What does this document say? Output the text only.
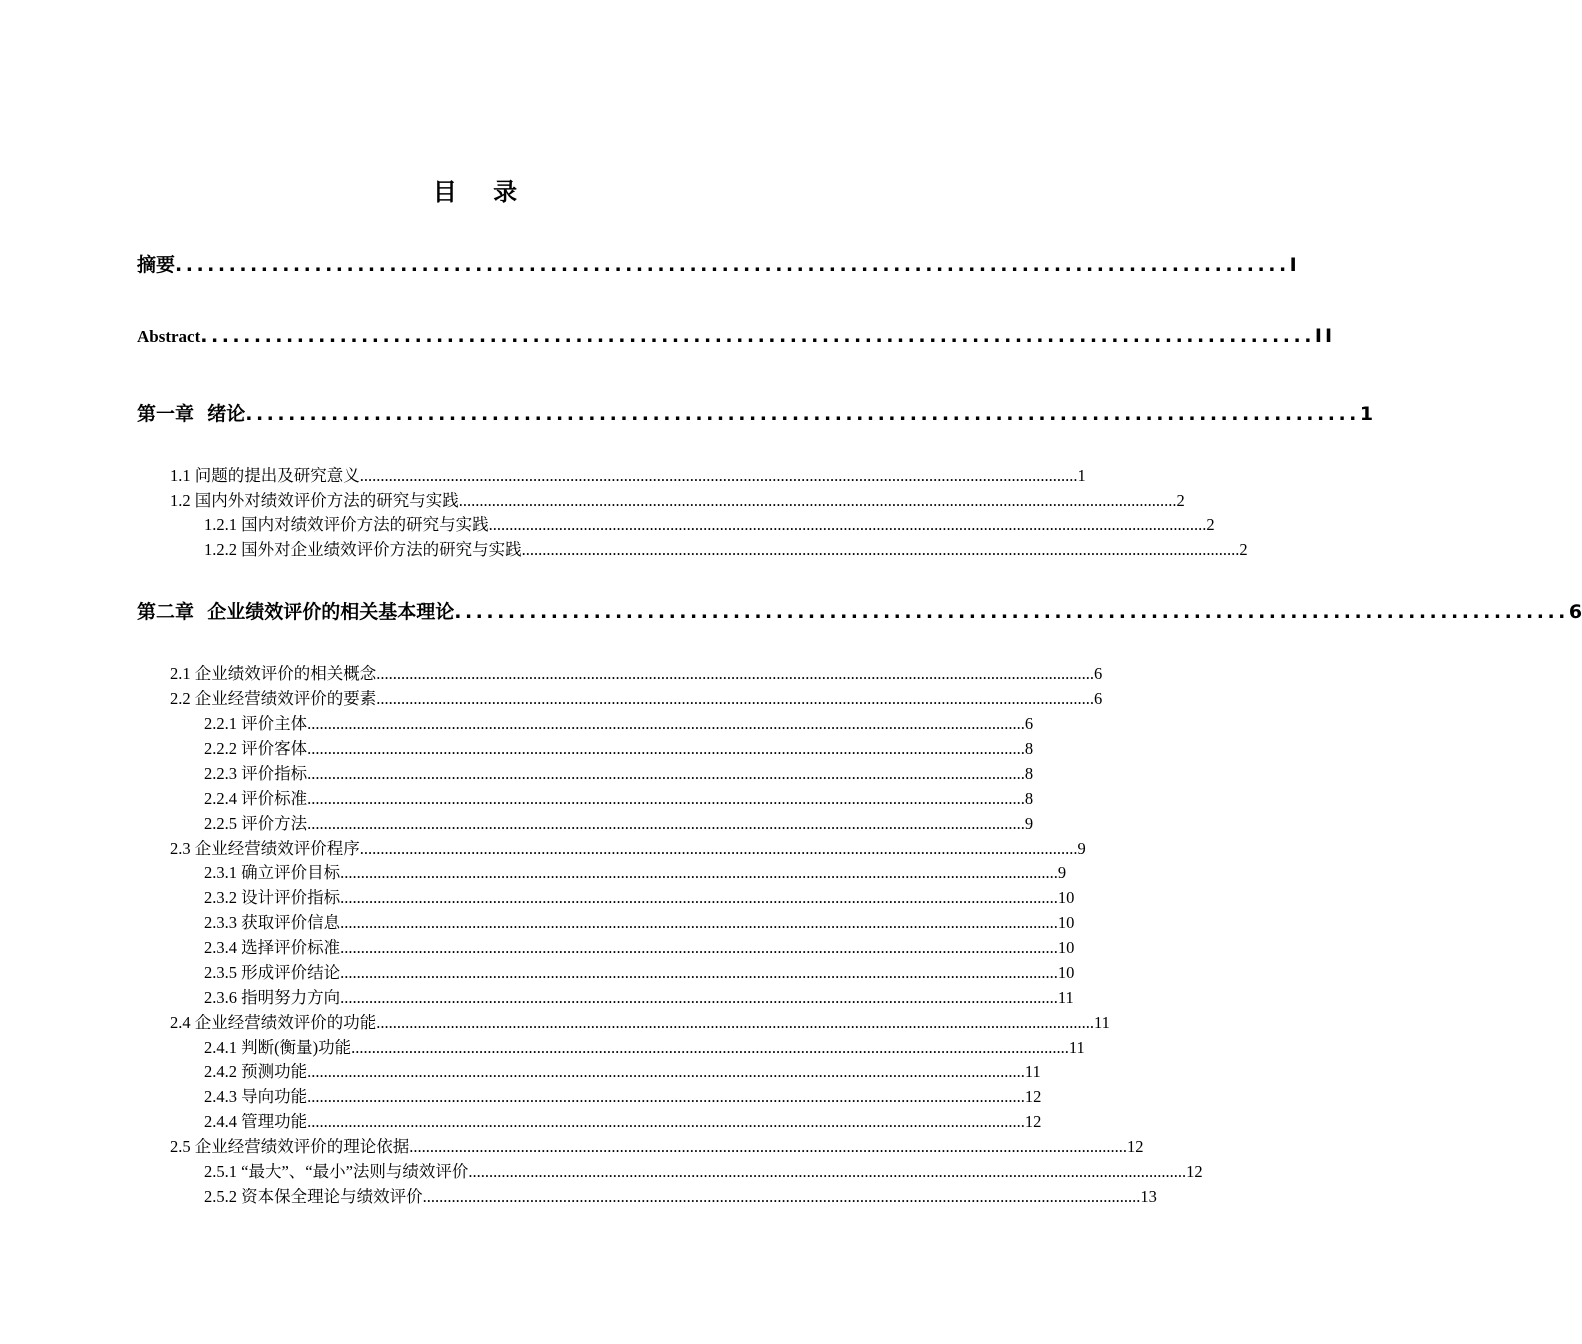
目 录
摘要 ........................................................................................................ I
Abstract ........................................................................................................ II
第一章  绪论 ........................................................................................................ 1
1.1 问题的提出及研究意义 .............................................................................................................................................................................. 1
1.2 国内外对绩效评价方法的研究与实践 .............................................................................................................................................................................. 2
1.2.1 国内对绩效评价方法的研究与实践 .............................................................................................................................................................................. 2
1.2.2 国外对企业绩效评价方法的研究与实践 .............................................................................................................................................................................. 2
第二章  企业绩效评价的相关基本理论 ........................................................................................................ 6
2.1 企业绩效评价的相关概念 .............................................................................................................................................................................. 6
2.2 企业经营绩效评价的要素 .............................................................................................................................................................................. 6
2.2.1 评价主体 .............................................................................................................................................................................. 6
2.2.2 评价客体 .............................................................................................................................................................................. 8
2.2.3 评价指标 .............................................................................................................................................................................. 8
2.2.4 评价标准 .............................................................................................................................................................................. 8
2.2.5 评价方法 .............................................................................................................................................................................. 9
2.3 企业经营绩效评价程序 .............................................................................................................................................................................. 9
2.3.1 确立评价目标 .............................................................................................................................................................................. 9
2.3.2 设计评价指标 .............................................................................................................................................................................. 10
2.3.3 获取评价信息 .............................................................................................................................................................................. 10
2.3.4 选择评价标准 .............................................................................................................................................................................. 10
2.3.5 形成评价结论 .............................................................................................................................................................................. 10
2.3.6 指明努力方向 .............................................................................................................................................................................. 11
2.4 企业经营绩效评价的功能 .............................................................................................................................................................................. 11
2.4.1 判断(衡量)功能 .............................................................................................................................................................................. 11
2.4.2 预测功能 .............................................................................................................................................................................. 11
2.4.3 导向功能 .............................................................................................................................................................................. 12
2.4.4 管理功能 .............................................................................................................................................................................. 12
2.5 企业经营绩效评价的理论依据 .............................................................................................................................................................................. 12
2.5.1 “最大”、“最小”法则与绩效评价 .............................................................................................................................................................................. 12
2.5.2 资本保全理论与绩效评价 .............................................................................................................................................................................. 13
